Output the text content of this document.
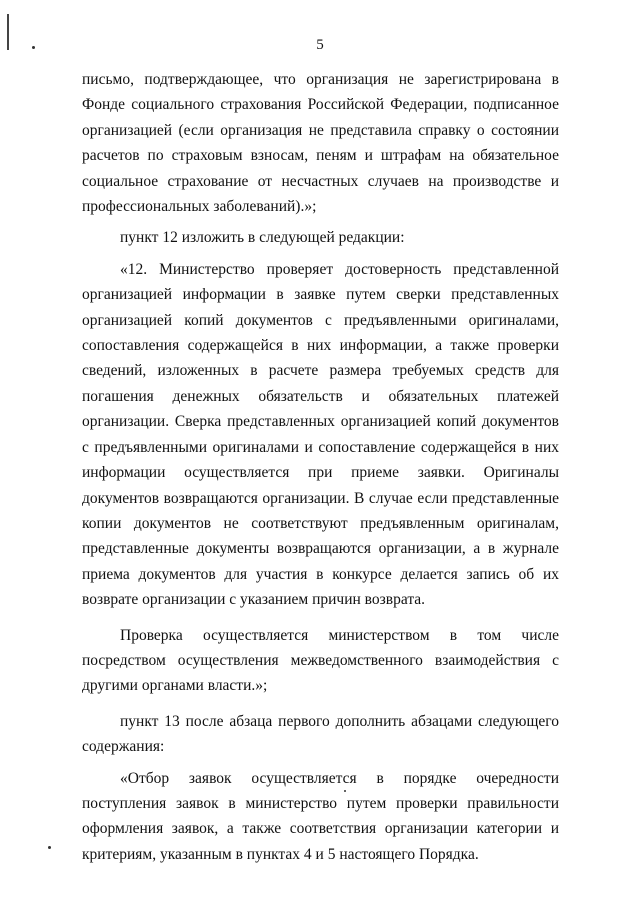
5

письмо, подтверждающее, что организация не зарегистрирована в Фонде социального страхования Российской Федерации, подписанное организацией (если организация не представила справку о состоянии расчетов по страховым взносам, пеням и штрафам на обязательное социальное страхование от несчастных случаев на производстве и профессиональных заболеваний).»;

пункт 12 изложить в следующей редакции:

«12. Министерство проверяет достоверность представленной организацией информации в заявке путем сверки представленных организацией копий документов с предъявленными оригиналами, сопоставления содержащейся в них информации, а также проверки сведений, изложенных в расчете размера требуемых средств для погашения денежных обязательств и обязательных платежей организации. Сверка представленных организацией копий документов с предъявленными оригиналами и сопоставление содержащейся в них информации осуществляется при приеме заявки. Оригиналы документов возвращаются организации. В случае если представленные копии документов не соответствуют предъявленным оригиналам, представленные документы возвращаются организации, а в журнале приема документов для участия в конкурсе делается запись об их возврате организации с указанием причин возврата.

Проверка осуществляется министерством в том числе посредством осуществления межведомственного взаимодействия с другими органами власти.»;

пункт 13 после абзаца первого дополнить абзацами следующего содержания:

«Отбор заявок осуществляется в порядке очередности поступления заявок в министерство путем проверки правильности оформления заявок, а также соответствия организации категории и критериям, указанным в пунктах 4 и 5 настоящего Порядка.
